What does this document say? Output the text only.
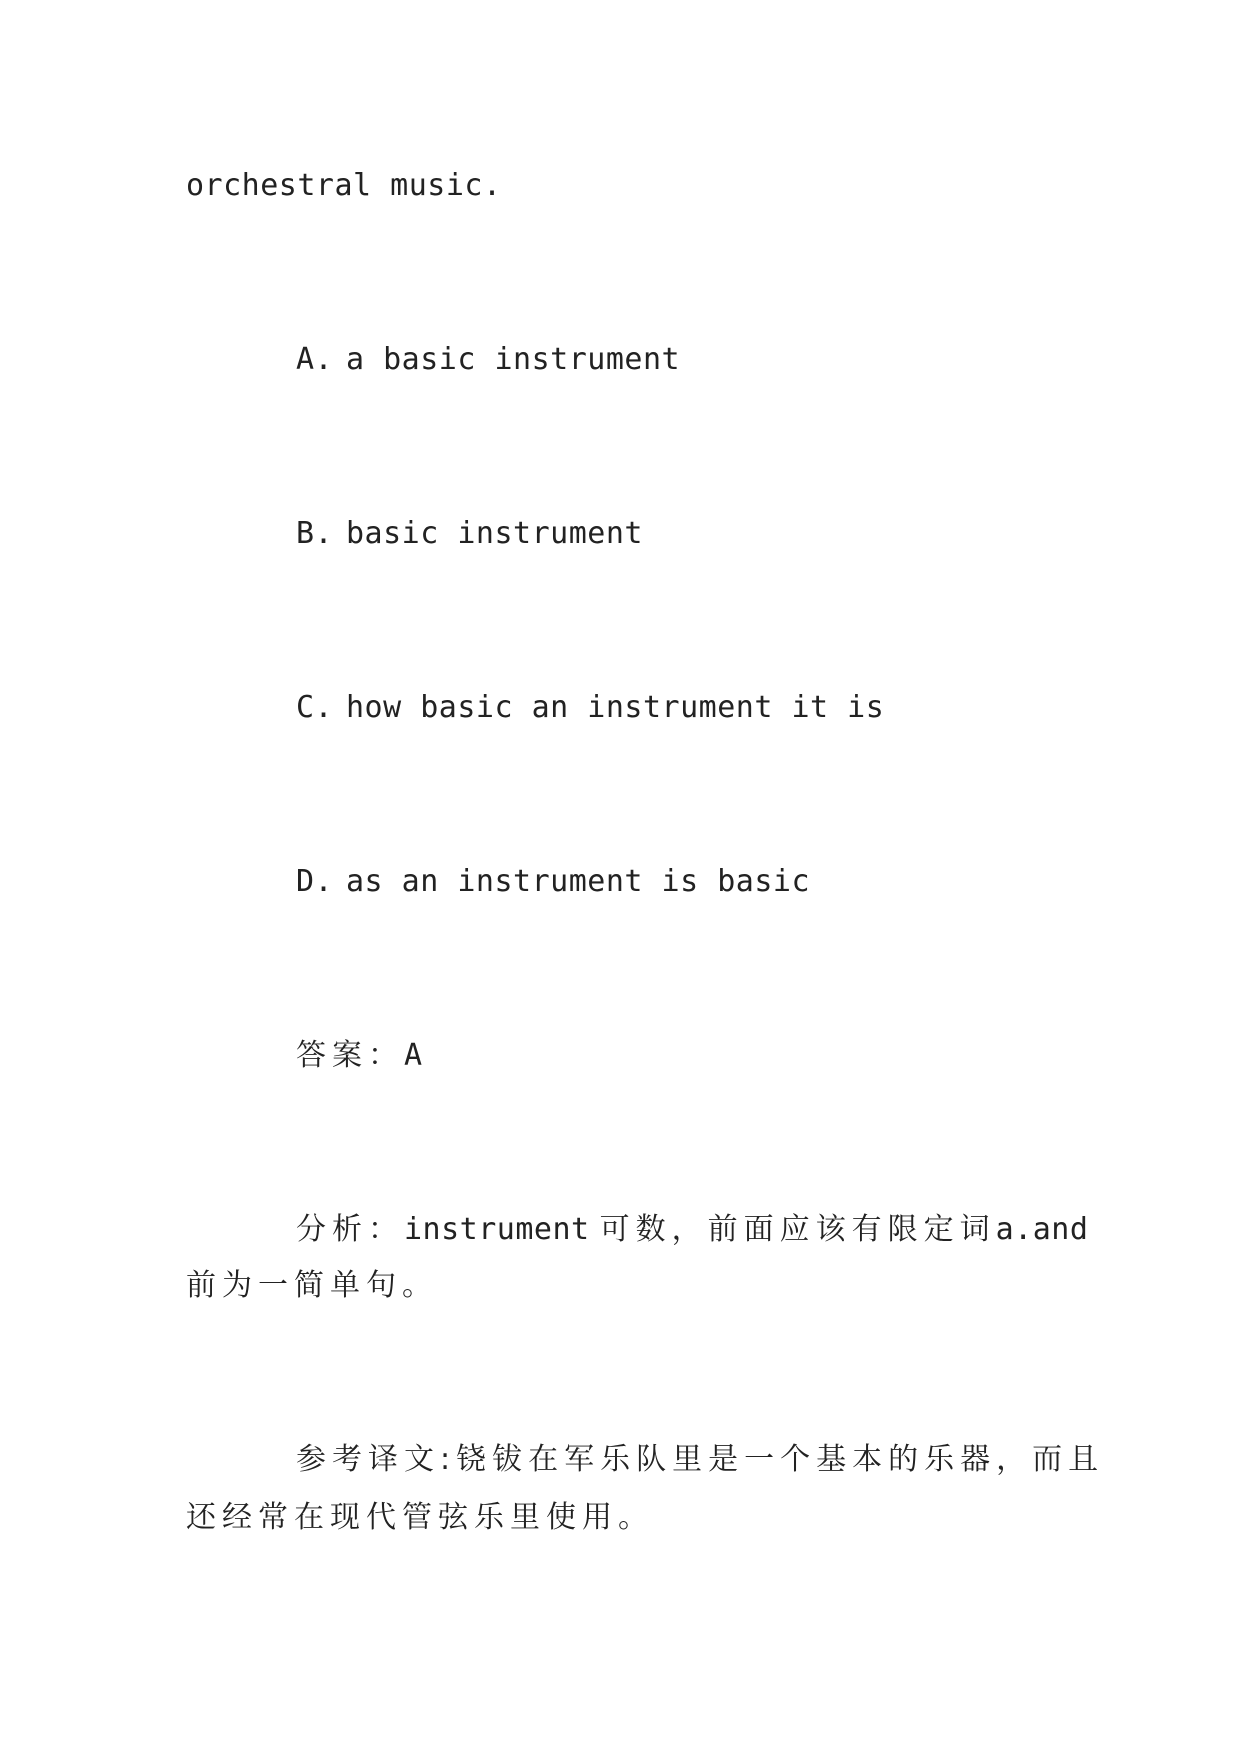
orchestral music.
A. a basic instrument
B. basic instrument
C. how basic an instrument it is
D. as an instrument is basic
答案：A
分析：instrument 可数，前面应该有限定词a.and
前为一简单句。
参考译文:铙钹在军乐队里是一个基本的乐器，而且
还经常在现代管弦乐里使用。
